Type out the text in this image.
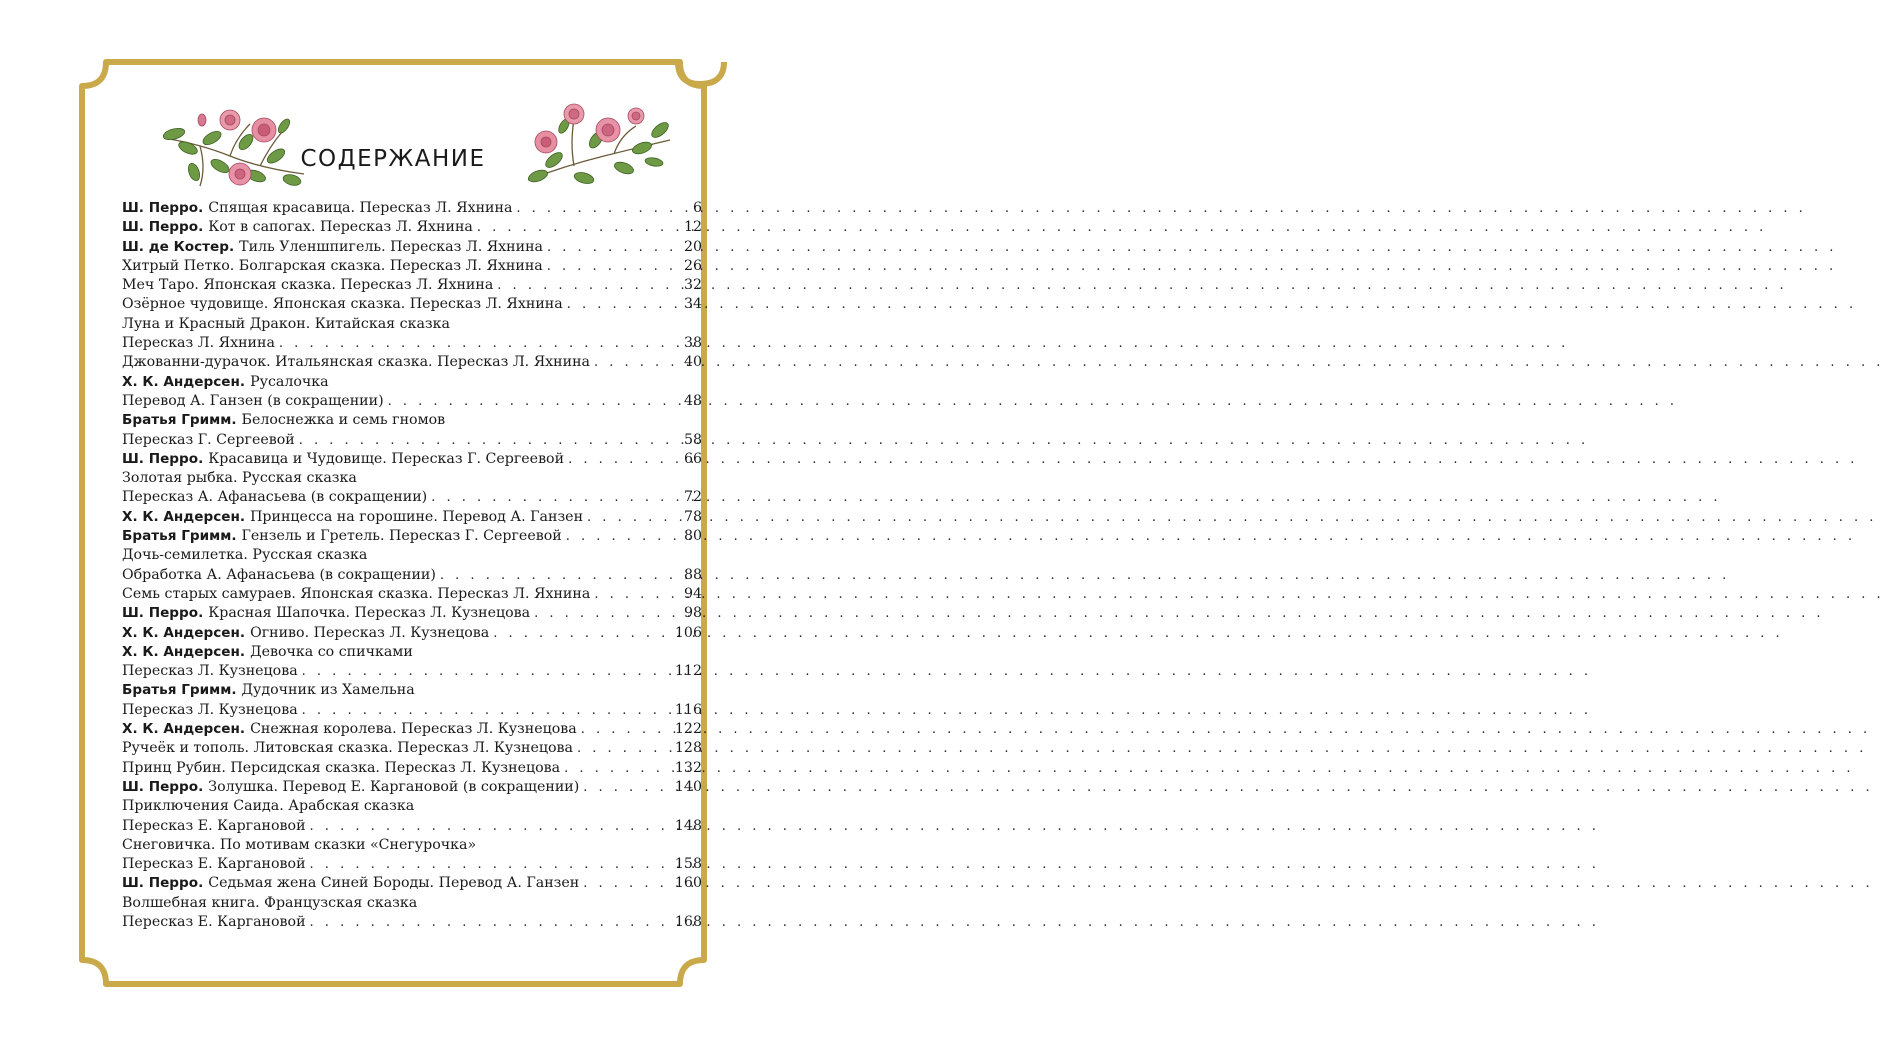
СОДЕРЖАНИЕ
Ш. Перро. Спящая красавица. Пересказ Л. Яхнина . . .	6
Ш. Перро. Кот в сапогах. Пересказ Л. Яхнина . . .	12
Ш. де Костер. Тиль Уленшпигель. Пересказ Л. Яхнина . . .	20
Хитрый Петко. Болгарская сказка. Пересказ Л. Яхнина . . .	26
Меч Таро. Японская сказка. Пересказ Л. Яхнина . . .	32
Озёрное чудовище. Японская сказка. Пересказ Л. Яхнина . . .	34
Луна и Красный Дракон. Китайская сказка
Пересказ Л. Яхнина . . .	38
Джованни-дурачок. Итальянская сказка. Пересказ Л. Яхнина . . .	40
Х. К. Андерсен. Русалочка
Перевод А. Ганзен (в сокращении) . . .	48
Братья Гримм. Белоснежка и семь гномов
Пересказ Г. Сергеевой . . .	58
Ш. Перро. Красавица и Чудовище. Пересказ Г. Сергеевой . . .	66
Золотая рыбка. Русская сказка
Пересказ А. Афанасьева (в сокращении) . . .	72
Х. К. Андерсен. Принцесса на горошине. Перевод А. Ганзен . . .	78
Братья Гримм. Гензель и Гретель. Пересказ Г. Сергеевой . . .	80
Дочь-семилетка. Русская сказка
Обработка А. Афанасьева (в сокращении) . . .	88
Семь старых самураев. Японская сказка. Пересказ Л. Яхнина . . .	94
Ш. Перро. Красная Шапочка. Пересказ Л. Кузнецова . . .	98
Х. К. Андерсен. Огниво. Пересказ Л. Кузнецова . . .	106
Х. К. Андерсен. Девочка со спичками
Пересказ Л. Кузнецова . . .	112
Братья Гримм. Дудочник из Хамельна
Пересказ Л. Кузнецова . . .	116
Х. К. Андерсен. Снежная королева. Пересказ Л. Кузнецова . . .	122
Ручеёк и тополь. Литовская сказка. Пересказ Л. Кузнецова . . .	128
Принц Рубин. Персидская сказка. Пересказ Л. Кузнецова . . .	132
Ш. Перро. Золушка. Перевод Е. Каргановой (в сокращении) . . .	140
Приключения Саида. Арабская сказка
Пересказ Е. Каргановой . . .	148
Снеговичка. По мотивам сказки «Снегурочка»
Пересказ Е. Каргановой . . .	158
Ш. Перро. Седьмая жена Синей Бороды. Перевод А. Ганзен . . .	160
Волшебная книга. Французская сказка
Пересказ Е. Каргановой . . .	168
